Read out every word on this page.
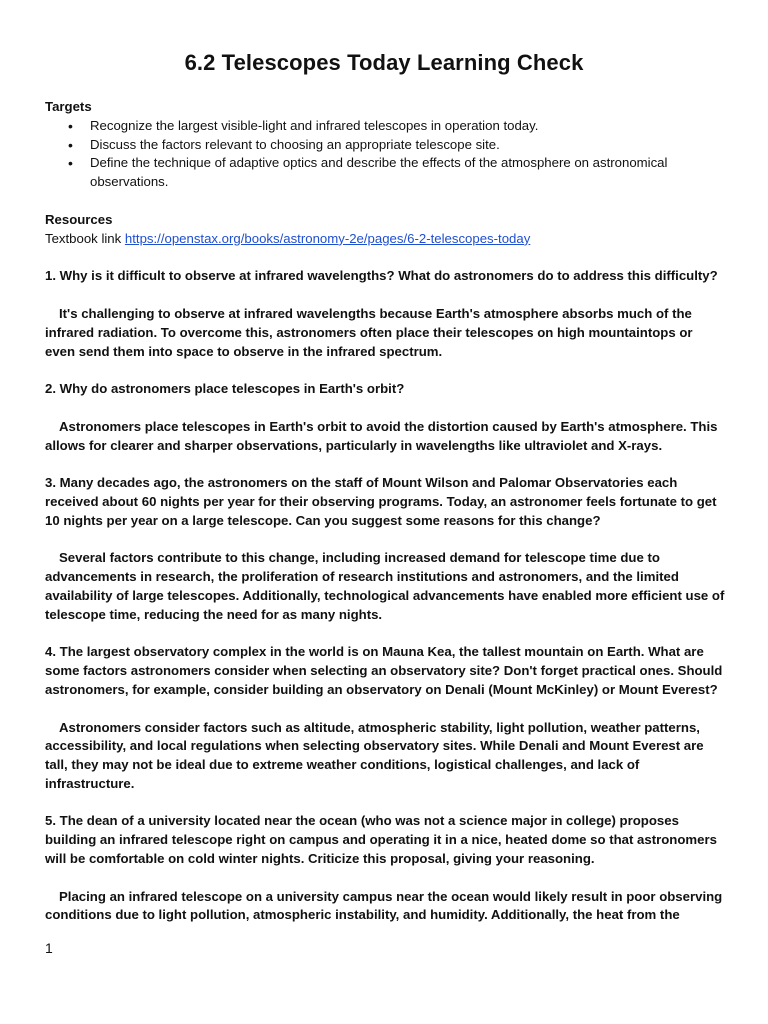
6.2 Telescopes Today Learning Check

Targets

• Recognize the largest visible-light and infrared telescopes in operation today.
• Discuss the factors relevant to choosing an appropriate telescope site.
• Define the technique of adaptive optics and describe the effects of the atmosphere on astronomical observations.

Resources

Textbook link https://openstax.org/books/astronomy-2e/pages/6-2-telescopes-today

1. Why is it difficult to observe at infrared wavelengths? What do astronomers do to address this difficulty?

It's challenging to observe at infrared wavelengths because Earth's atmosphere absorbs much of the infrared radiation. To overcome this, astronomers often place their telescopes on high mountaintops or even send them into space to observe in the infrared spectrum.

2. Why do astronomers place telescopes in Earth's orbit?

Astronomers place telescopes in Earth's orbit to avoid the distortion caused by Earth's atmosphere. This allows for clearer and sharper observations, particularly in wavelengths like ultraviolet and X-rays.

3. Many decades ago, the astronomers on the staff of Mount Wilson and Palomar Observatories each received about 60 nights per year for their observing programs. Today, an astronomer feels fortunate to get 10 nights per year on a large telescope. Can you suggest some reasons for this change?

Several factors contribute to this change, including increased demand for telescope time due to advancements in research, the proliferation of research institutions and astronomers, and the limited availability of large telescopes. Additionally, technological advancements have enabled more efficient use of telescope time, reducing the need for as many nights.

4. The largest observatory complex in the world is on Mauna Kea, the tallest mountain on Earth. What are some factors astronomers consider when selecting an observatory site? Don't forget practical ones. Should astronomers, for example, consider building an observatory on Denali (Mount McKinley) or Mount Everest?

Astronomers consider factors such as altitude, atmospheric stability, light pollution, weather patterns, accessibility, and local regulations when selecting observatory sites. While Denali and Mount Everest are tall, they may not be ideal due to extreme weather conditions, logistical challenges, and lack of infrastructure.

5. The dean of a university located near the ocean (who was not a science major in college) proposes building an infrared telescope right on campus and operating it in a nice, heated dome so that astronomers will be comfortable on cold winter nights. Criticize this proposal, giving your reasoning.

Placing an infrared telescope on a university campus near the ocean would likely result in poor observing conditions due to light pollution, atmospheric instability, and humidity. Additionally, the heat from the

1
